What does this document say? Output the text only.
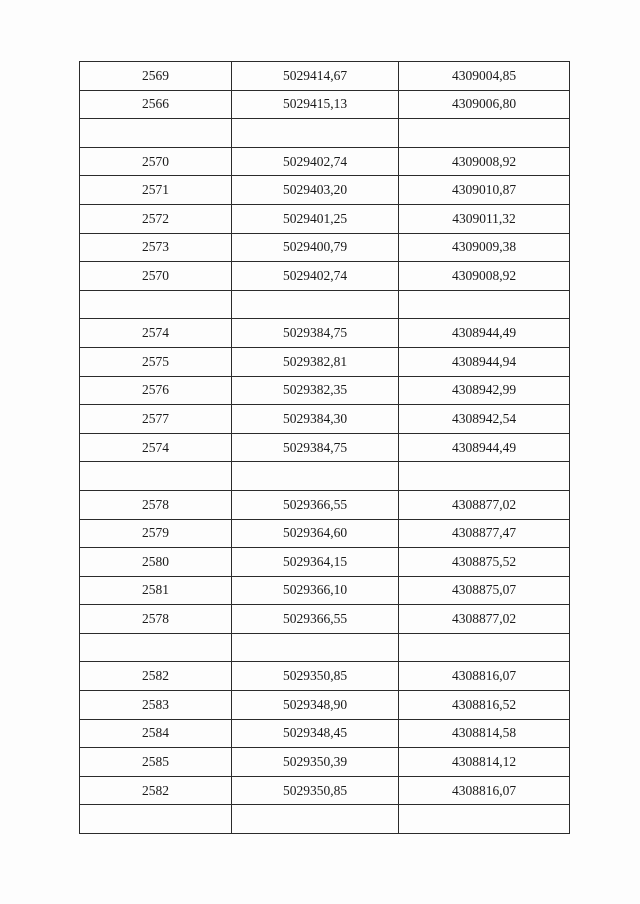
2569	5029414,67	4309004,85
2566	5029415,13	4309006,80

2570	5029402,74	4309008,92
2571	5029403,20	4309010,87
2572	5029401,25	4309011,32
2573	5029400,79	4309009,38
2570	5029402,74	4309008,92

2574	5029384,75	4308944,49
2575	5029382,81	4308944,94
2576	5029382,35	4308942,99
2577	5029384,30	4308942,54
2574	5029384,75	4308944,49

2578	5029366,55	4308877,02
2579	5029364,60	4308877,47
2580	5029364,15	4308875,52
2581	5029366,10	4308875,07
2578	5029366,55	4308877,02

2582	5029350,85	4308816,07
2583	5029348,90	4308816,52
2584	5029348,45	4308814,58
2585	5029350,39	4308814,12
2582	5029350,85	4308816,07
